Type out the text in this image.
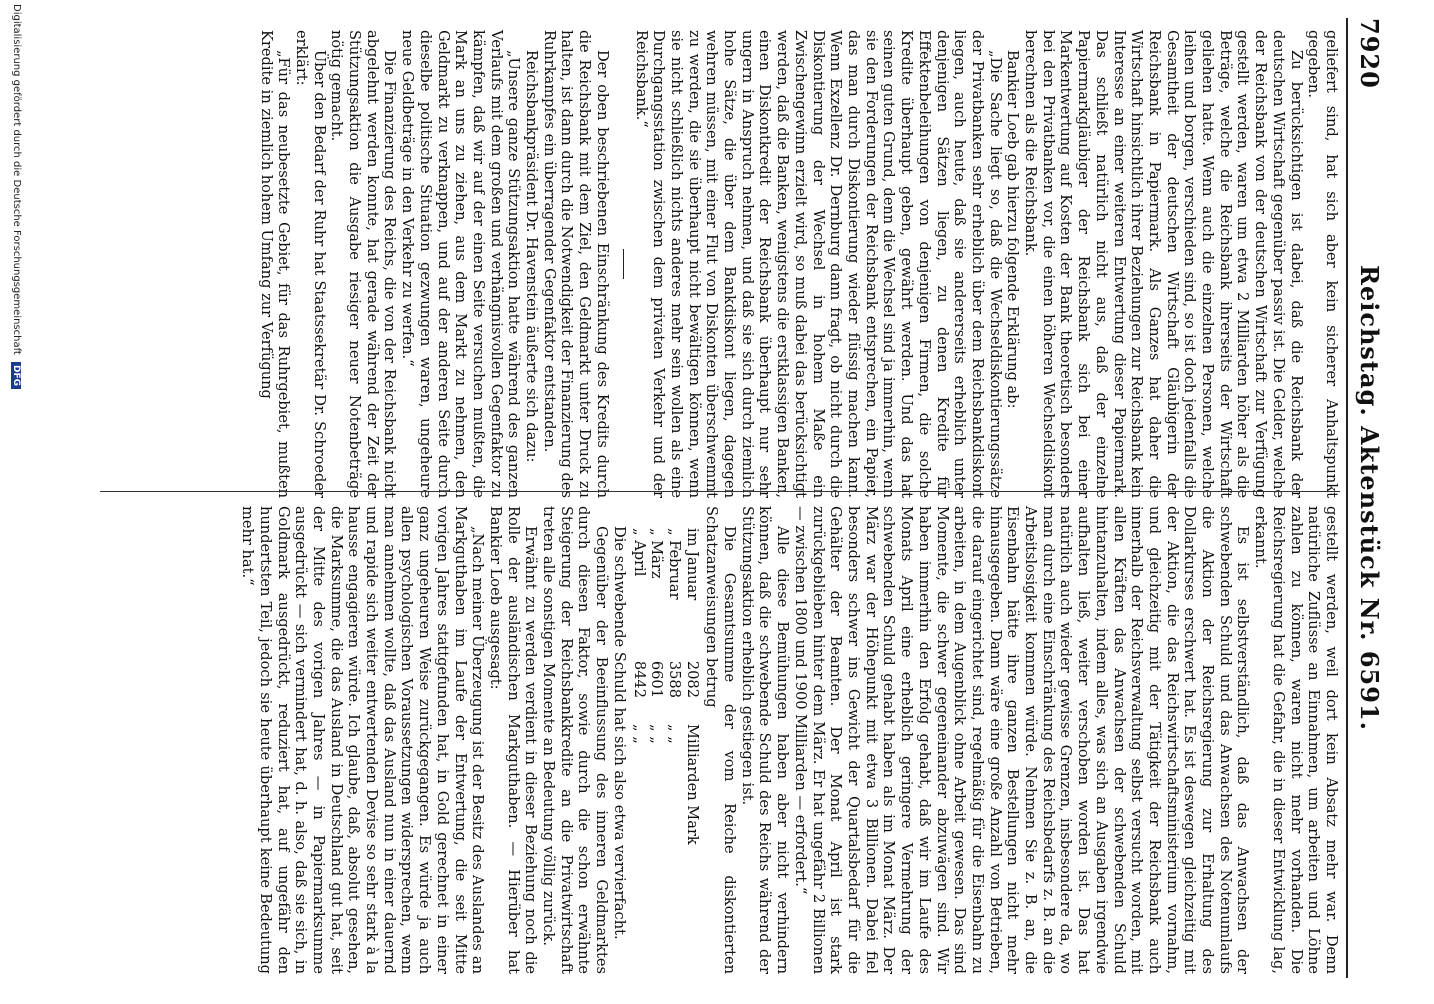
7920
Reichstag. Aktenstück Nr. 6591.

geliefert sind, hat sich aber kein sicherer Anhaltspunkt gegeben.

Zu berücksichtigen ist dabei, daß die Reichsbank der deutschen Wirtschaft gegenüber passiv ist. Die Gelder, welche der Reichsbank von der deutschen Wirtschaft zur Verfügung gestellt werden, waren um etwa 2 Milliarden höher als die Beträge, welche die Reichsbank ihrerseits der Wirtschaft geliehen hatte. Wenn auch die einzelnen Personen, welche leihen und borgen, verschieden sind, so ist doch jedenfalls die Gesamtheit der deutschen Wirtschaft Gläubigerin der Reichsbank in Papiermark. Als Ganzes hat daher die Wirtschaft hinsichtlich ihrer Beziehungen zur Reichsbank kein Interesse an einer weiteren Entwertung dieser Papiermark. Das schließt natürlich nicht aus, daß der einzelne Papiermarkgläubiger der Reichsbank sich bei einer Markentwertung auf Kosten der Bank theoretisch besonders bei den Privatbanken vor, die einen höheren Wechseldiskont berechnen als die Reichsbank.

Bankier Loeb gab hierzu folgende Erklärung ab:

„Die Sache liegt so, daß die Wechseldiskontierungssätze der Privatbanken sehr erheblich über dem Reichsbankdiskont liegen, auch heute, daß sie andererseits erheblich unter denjenigen Sätzen liegen, zu denen Kredite für Effektenbeleihungen von denjenigen Firmen, die solche Kredite überhaupt geben, gewährt werden. Und das hat seinen guten Grund, denn die Wechsel sind ja immerhin, wenn sie den Forderungen der Reichsbank entsprechen, ein Papier, das man durch Diskontierung wieder flüssig machen kann. Wenn Exzellenz Dr. Dernburg dann fragt, ob nicht durch die Diskontierung der Wechsel in hohem Maße ein Zwischengewinn erzielt wird, so muß dabei das berücksichtigt werden, daß die Banken, wenigstens die erstklassigen Banken, einen Diskontkredit der Reichsbank überhaupt nur sehr ungern in Anspruch nehmen, und daß sie sich durch ziemlich hohe Sätze, die über dem Bankdiskont liegen, dagegen wehren müssen, mit einer Flut von Diskonten überschwemmt zu werden, die sie überhaupt nicht bewältigen können, wenn sie nicht schließlich nichts anderes mehr sein wollen als eine Durchgangsstation zwischen dem privaten Verkehr und der Reichsbank.“

Der oben beschriebenen Einschränkung des Kredits durch die Reichsbank mit dem Ziel, den Geldmarkt unter Druck zu halten, ist dann durch die Notwendigkeit der Finanzierung des Ruhrkampfes ein überragender Gegenfaktor entstanden.

Reichsbankpräsident Dr. Havenstein äußerte sich dazu:

„Unsere ganze Stützungsaktion hatte während des ganzen Verlaufs mit dem großen und verhängnisvollen Gegenfaktor zu kämpfen, daß wir auf der einen Seite versuchen mußten, die Mark an uns zu ziehen, aus dem Markt zu nehmen, den Geldmarkt zu verknappen, und auf der anderen Seite durch dieselbe politische Situation gezwungen waren, ungeheure neue Geldbeträge in den Verkehr zu werfen.“

Die Finanzierung des Reichs, die von der Reichsbank nicht abgelehnt werden konnte, hat gerade während der Zeit der Stützungsaktion die Ausgabe riesiger neuer Notenbeträge nötig gemacht.

Über den Bedarf der Ruhr hat Staatssekretär Dr. Schroeder erklärt:

„Für das neubesetzte Gebiet, für das Ruhrgebiet, mußten Kredite in ziemlich hohem Umfang zur Verfügung

gestellt werden, weil dort kein Absatz mehr war. Denn natürliche Zuflüsse an Einnahmen, um arbeiten und Löhne zahlen zu können, waren nicht mehr vorhanden. Die Reichsregierung hat die Gefahr, die in dieser Entwicklung lag, erkannt.

Es ist selbstverständlich, daß das Anwachsen der schwebenden Schuld und das Anwachsen des Notenumlaufs die Aktion der Reichsregierung zur Erhaltung des Dollarkurses erschwert hat. Es ist deswegen gleichzeitig mit der Aktion, die das Reichswirtschaftsministerium vornahm, und gleichzeitig mit der Tätigkeit der Reichsbank auch innerhalb der Reichsverwaltung selbst versucht worden, mit allen Kräften das Anwachsen der schwebenden Schuld hintanzuhalten, indem alles, was sich an Ausgaben irgendwie aufhalten ließ, weiter verschoben worden ist. Das hat natürlich auch wieder gewisse Grenzen, insbesondere da, wo man durch eine Einschränkung des Reichsbedarfs z. B. an die Arbeitslosigkeit kommen würde. Nehmen Sie z. B. an, die Eisenbahn hätte ihre ganzen Bestellungen nicht mehr hinausgegeben. Dann wäre eine große Anzahl von Betrieben, die darauf eingerichtet sind, regelmäßig für die Eisenbahn zu arbeiten, in dem Augenblick ohne Arbeit gewesen. Das sind Momente, die schwer gegeneinander abzuwägen sind. Wir haben immerhin den Erfolg gehabt, daß wir im Laufe des Monats April eine erheblich geringere Vermehrung der schwebenden Schuld gehabt haben als im Monat März. Der März war der Höhepunkt mit etwa 3 Billionen. Dabei fiel besonders schwer ins Gewicht der Quartalsbedarf für die Gehälter der Beamten. Der Monat April ist stark zurückgeblieben hinter dem März. Er hat ungefähr 2 Billionen — zwischen 1800 und 1900 Milliarden — erfordert.“

Alle diese Bemühungen haben aber nicht verhindern können, daß die schwebende Schuld des Reichs während der Stützungsaktion erheblich gestiegen ist.

Die Gesamtsumme der vom Reiche diskontierten Schatzanweisungen betrug

im Januar
2082
Milliarden Mark
„ Februar
3588
„ „
„ März
6601
„ „
„ April
8442
„ „

Die schwebende Schuld hat sich also etwa vervierfacht.

Gegenüber der Beeinflussung des inneren Geldmarktes durch diesen Faktor, sowie durch die schon erwähnte Steigerung der Reichsbankkredite an die Privatwirtschaft treten alle sonstigen Momente an Bedeutung völlig zurück.

Erwähnt zu werden verdient in dieser Beziehung noch die Rolle der ausländischen Markguthaben. — Hierüber hat Bankier Loeb ausgesagt:

„Nach meiner Überzeugung ist der Besitz des Auslandes an Markguthaben im Laufe der Entwertung, die seit Mitte vorigen Jahres stattgefunden hat, in Gold gerechnet in einer ganz ungeheuren Weise zurückgegangen. Es würde ja auch allen psychologischen Voraussetzungen widersprechen, wenn man annehmen wollte, daß das Ausland nun in einer dauernd und rapide sich weiter entwertenden Devise so sehr stark à la hausse engagieren würde. Ich glaube, daß, absolut gesehen, die Marksumme, die das Ausland in Deutschland gut hat, seit der Mitte des vorigen Jahres — in Papiermarksumme ausgedrückt — sich vermindert hat, d. h. also, daß sie sich, in Goldmark ausgedrückt, reduziert hat, auf ungefähr den hundertsten Teil, jedoch sie heute überhaupt keine Bedeutung mehr hat.“

Digitalisierung gefördert durch die Deutsche Forschungsgemeinschaft DFG
